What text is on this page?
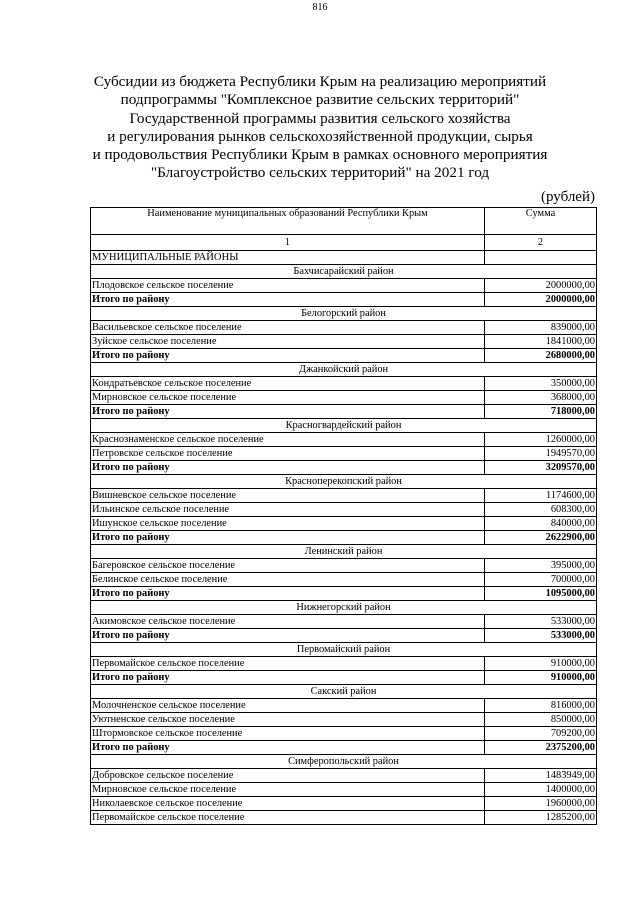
816
Субсидии из бюджета Республики Крым на реализацию мероприятий
подпрограммы "Комплексное развитие сельских территорий"
Государственной программы развития сельского хозяйства
и регулирования рынков сельскохозяйственной продукции, сырья
и продовольствия Республики Крым в рамках основного мероприятия
"Благоустройство сельских территорий" на 2021 год
(рублей)
Наименование муниципальных образований Республики Крым	Сумма
1	2
МУНИЦИПАЛЬНЫЕ РАЙОНЫ	
Бахчисарайский район	
Плодовское сельское поселение	2000000,00
Итого по району	2000000,00
Белогорский район	
Васильевское сельское поселение	839000,00
Зуйское сельское поселение	1841000,00
Итого по району	2680000,00
Джанкойский район	
Кондратьевское сельское поселение	350000,00
Мирновское сельское поселение	368000,00
Итого по району	718000,00
Красногвардейский район	
Краснознаменское сельское поселение	1260000,00
Петровское сельское поселение	1949570,00
Итого по району	3209570,00
Красноперекопский район	
Вишневское сельское поселение	1174600,00
Ильинское сельское поселение	608300,00
Ишунское сельское поселение	840000,00
Итого по району	2622900,00
Ленинский район	
Багеровское сельское поселение	395000,00
Белинское сельское поселение	700000,00
Итого по району	1095000,00
Нижнегорский район	
Акимовское сельское поселение	533000,00
Итого по району	533000,00
Первомайский район	
Первомайское сельское поселение	910000,00
Итого по району	910000,00
Сакский район	
Молочненское сельское поселение	816000,00
Уютненское сельское поселение	850000,00
Штормовское сельское поселение	709200,00
Итого по району	2375200,00
Симферопольский район	
Добровское сельское поселение	1483949,00
Мирновское сельское поселение	1400000,00
Николаевское сельское поселение	1960000,00
Первомайское сельское поселение	1285200,00
